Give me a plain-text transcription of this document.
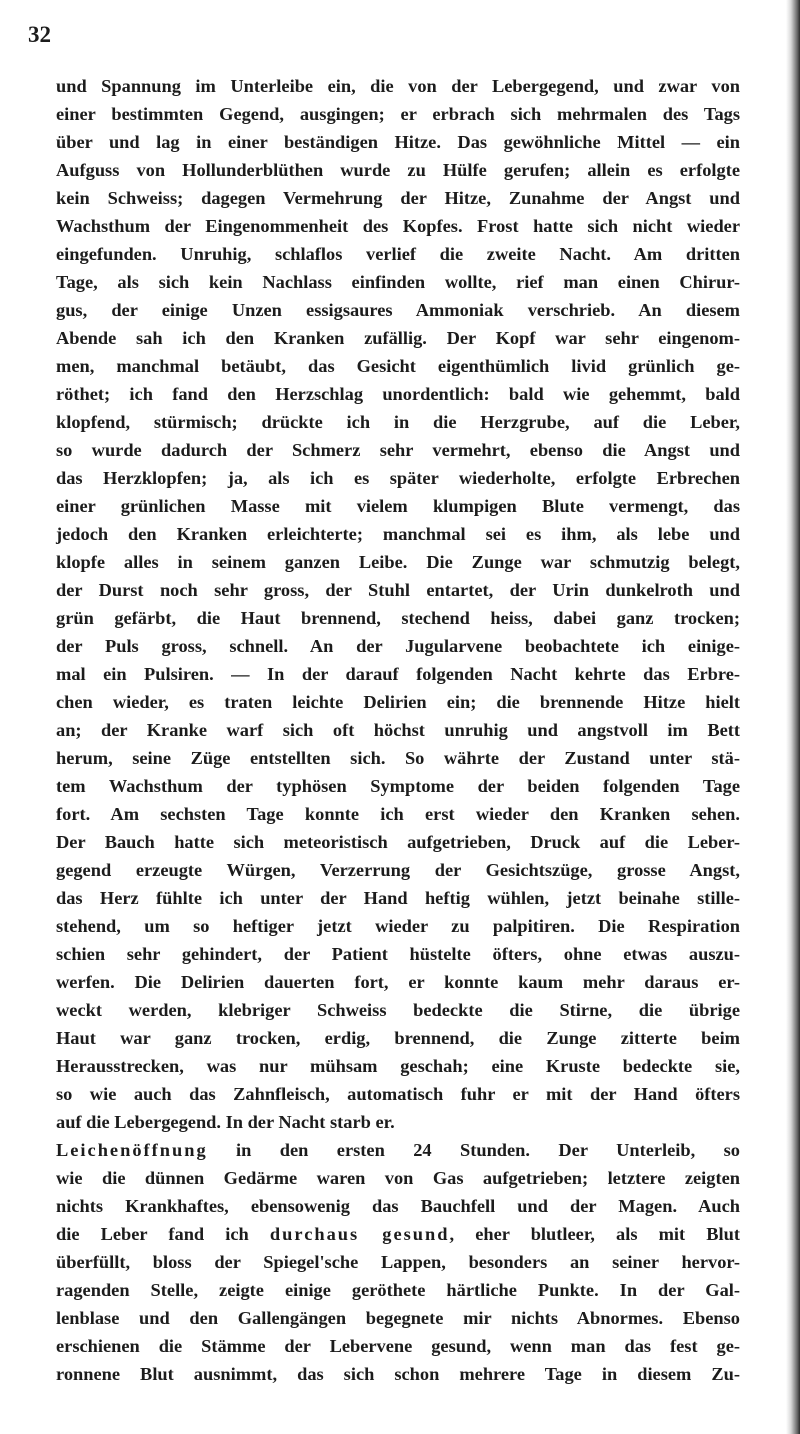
32
und Spannung im Unterleibe ein, die von der Lebergegend, und zwar von
einer bestimmten Gegend, ausgingen; er erbrach sich mehrmalen des Tags
über und lag in einer beständigen Hitze. Das gewöhnliche Mittel — ein
Aufguss von Hollunderblüthen wurde zu Hülfe gerufen; allein es erfolgte
kein Schweiss; dagegen Vermehrung der Hitze, Zunahme der Angst und
Wachsthum der Eingenommenheit des Kopfes. Frost hatte sich nicht wieder
eingefunden. Unruhig, schlaflos verlief die zweite Nacht. Am dritten
Tage, als sich kein Nachlass einfinden wollte, rief man einen Chirur-
gus, der einige Unzen essigsaures Ammoniak verschrieb. An diesem
Abende sah ich den Kranken zufällig. Der Kopf war sehr eingenom-
men, manchmal betäubt, das Gesicht eigenthümlich livid grünlich ge-
röthet; ich fand den Herzschlag unordentlich: bald wie gehemmt, bald
klopfend, stürmisch; drückte ich in die Herzgrube, auf die Leber,
so wurde dadurch der Schmerz sehr vermehrt, ebenso die Angst und
das Herzklopfen; ja, als ich es später wiederholte, erfolgte Erbrechen
einer grünlichen Masse mit vielem klumpigen Blute vermengt, das
jedoch den Kranken erleichterte; manchmal sei es ihm, als lebe und
klopfe alles in seinem ganzen Leibe. Die Zunge war schmutzig belegt,
der Durst noch sehr gross, der Stuhl entartet, der Urin dunkelroth und
grün gefärbt, die Haut brennend, stechend heiss, dabei ganz trocken;
der Puls gross, schnell. An der Jugularvene beobachtete ich einige-
mal ein Pulsiren. — In der darauf folgenden Nacht kehrte das Erbre-
chen wieder, es traten leichte Delirien ein; die brennende Hitze hielt
an; der Kranke warf sich oft höchst unruhig und angstvoll im Bett
herum, seine Züge entstellten sich. So währte der Zustand unter stä-
tem Wachsthum der typhösen Symptome der beiden folgenden Tage
fort. Am sechsten Tage konnte ich erst wieder den Kranken sehen.
Der Bauch hatte sich meteoristisch aufgetrieben, Druck auf die Leber-
gegend erzeugte Würgen, Verzerrung der Gesichtszüge, grosse Angst,
das Herz fühlte ich unter der Hand heftig wühlen, jetzt beinahe stille-
stehend, um so heftiger jetzt wieder zu palpitiren. Die Respiration
schien sehr gehindert, der Patient hüstelte öfters, ohne etwas auszu-
werfen. Die Delirien dauerten fort, er konnte kaum mehr daraus er-
weckt werden, klebriger Schweiss bedeckte die Stirne, die übrige
Haut war ganz trocken, erdig, brennend, die Zunge zitterte beim
Herausstrecken, was nur mühsam geschah; eine Kruste bedeckte sie,
so wie auch das Zahnfleisch, automatisch fuhr er mit der Hand öfters
auf die Lebergegend. In der Nacht starb er.
Leichenöffnung in den ersten 24 Stunden. Der Unterleib, so
wie die dünnen Gedärme waren von Gas aufgetrieben; letztere zeigten
nichts Krankhaftes, ebensowenig das Bauchfell und der Magen. Auch
die Leber fand ich durchaus gesund, eher blutleer, als mit Blut
überfüllt, bloss der Spiegel'sche Lappen, besonders an seiner hervor-
ragenden Stelle, zeigte einige geröthete härtliche Punkte. In der Gal-
lenblase und den Gallengängen begegnete mir nichts Abnormes. Ebenso
erschienen die Stämme der Lebervene gesund, wenn man das fest ge-
ronnene Blut ausnimmt, das sich schon mehrere Tage in diesem Zu-
